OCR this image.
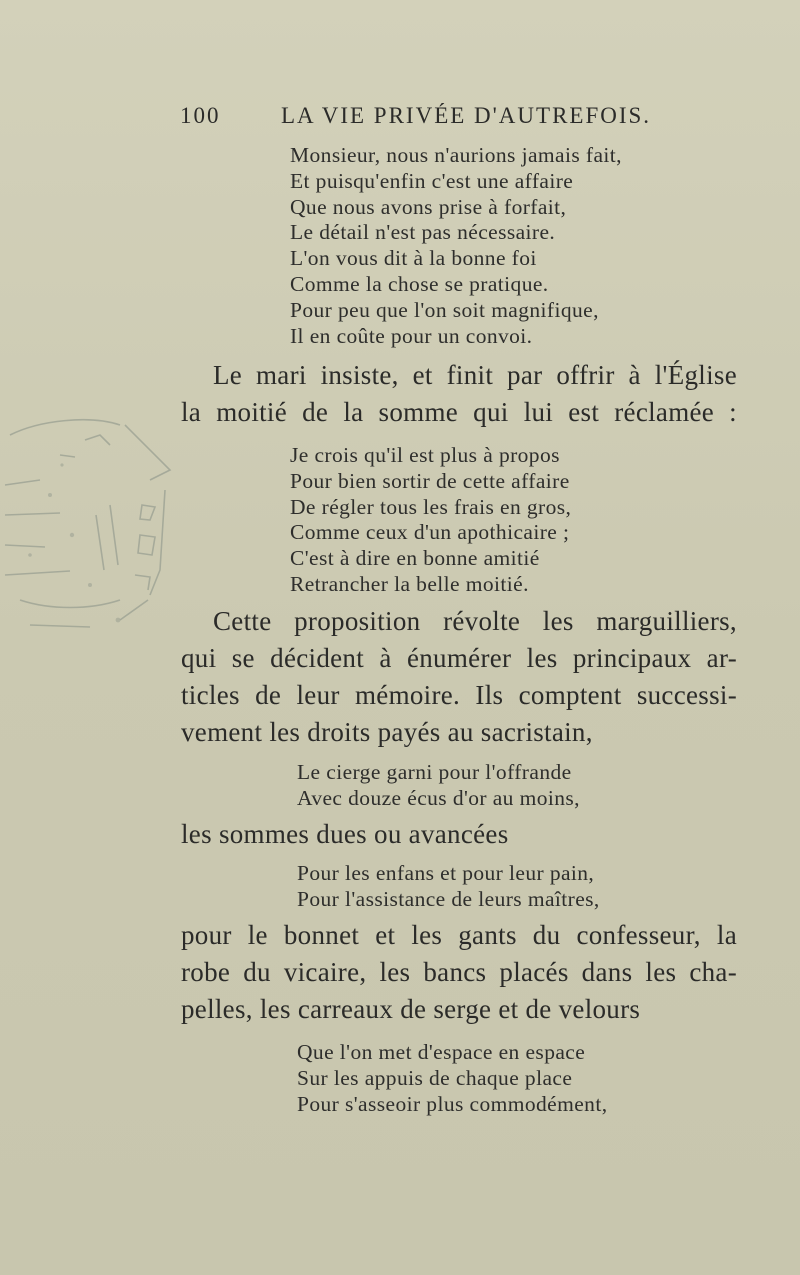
100	LA VIE PRIVÉE D'AUTREFOIS.
Monsieur, nous n'aurions jamais fait,
Et puisqu'enfin c'est une affaire
Que nous avons prise à forfait,
Le détail n'est pas nécessaire.
L'on vous dit à la bonne foi
Comme la chose se pratique.
Pour peu que l'on soit magnifique,
Il en coûte pour un convoi.
Le mari insiste, et finit par offrir à l'Église
la moitié de la somme qui lui est réclamée :
Je crois qu'il est plus à propos
Pour bien sortir de cette affaire
De régler tous les frais en gros,
Comme ceux d'un apothicaire ;
C'est à dire en bonne amitié
Retrancher la belle moitié.
Cette proposition révolte les marguilliers,
qui se décident à énumérer les principaux ar-
ticles de leur mémoire. Ils comptent successi-
vement les droits payés au sacristain,
Le cierge garni pour l'offrande
Avec douze écus d'or au moins,
les sommes dues ou avancées
Pour les enfans et pour leur pain,
Pour l'assistance de leurs maîtres,
pour le bonnet et les gants du confesseur, la
robe du vicaire, les bancs placés dans les cha-
pelles, les carreaux de serge et de velours
Que l'on met d'espace en espace
Sur les appuis de chaque place
Pour s'asseoir plus commodément,
